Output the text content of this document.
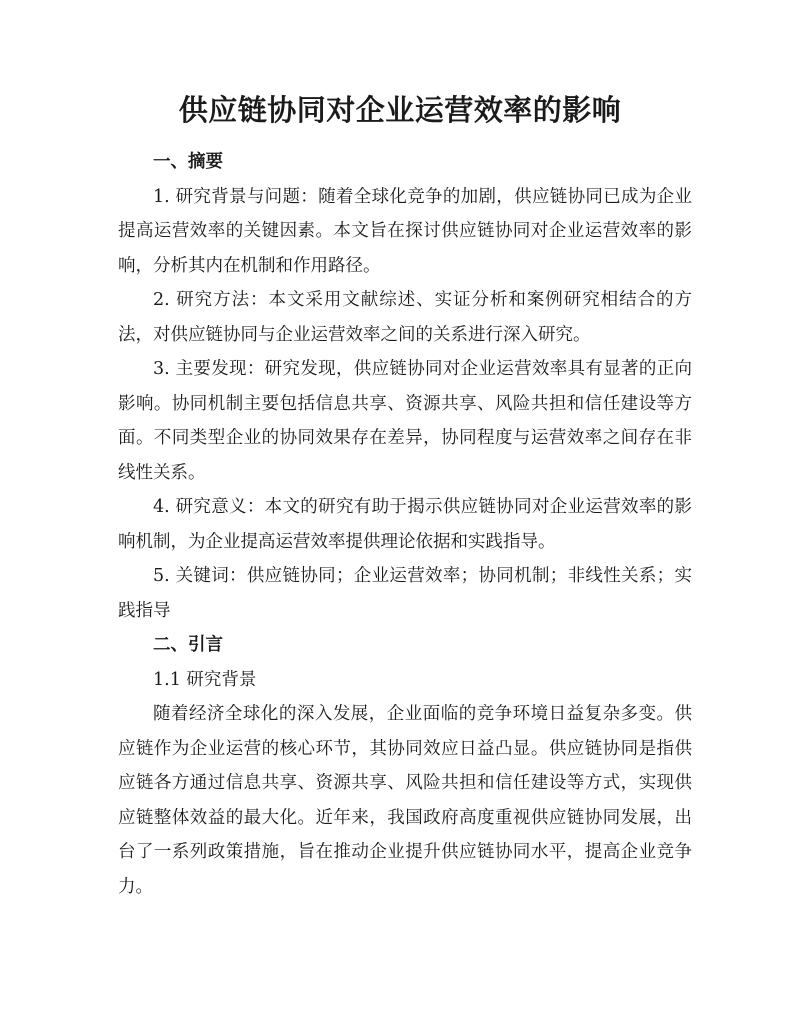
供应链协同对企业运营效率的影响

一、摘要

1. 研究背景与问题：随着全球化竞争的加剧，供应链协同已成为企业提高运营效率的关键因素。本文旨在探讨供应链协同对企业运营效率的影响，分析其内在机制和作用路径。

2. 研究方法：本文采用文献综述、实证分析和案例研究相结合的方法，对供应链协同与企业运营效率之间的关系进行深入研究。

3. 主要发现：研究发现，供应链协同对企业运营效率具有显著的正向影响。协同机制主要包括信息共享、资源共享、风险共担和信任建设等方面。不同类型企业的协同效果存在差异，协同程度与运营效率之间存在非线性关系。

4. 研究意义：本文的研究有助于揭示供应链协同对企业运营效率的影响机制，为企业提高运营效率提供理论依据和实践指导。

5. 关键词：供应链协同；企业运营效率；协同机制；非线性关系；实践指导

二、引言

1.1 研究背景

随着经济全球化的深入发展，企业面临的竞争环境日益复杂多变。供应链作为企业运营的核心环节，其协同效应日益凸显。供应链协同是指供应链各方通过信息共享、资源共享、风险共担和信任建设等方式，实现供应链整体效益的最大化。近年来，我国政府高度重视供应链协同发展，出台了一系列政策措施，旨在推动企业提升供应链协同水平，提高企业竞争力。
